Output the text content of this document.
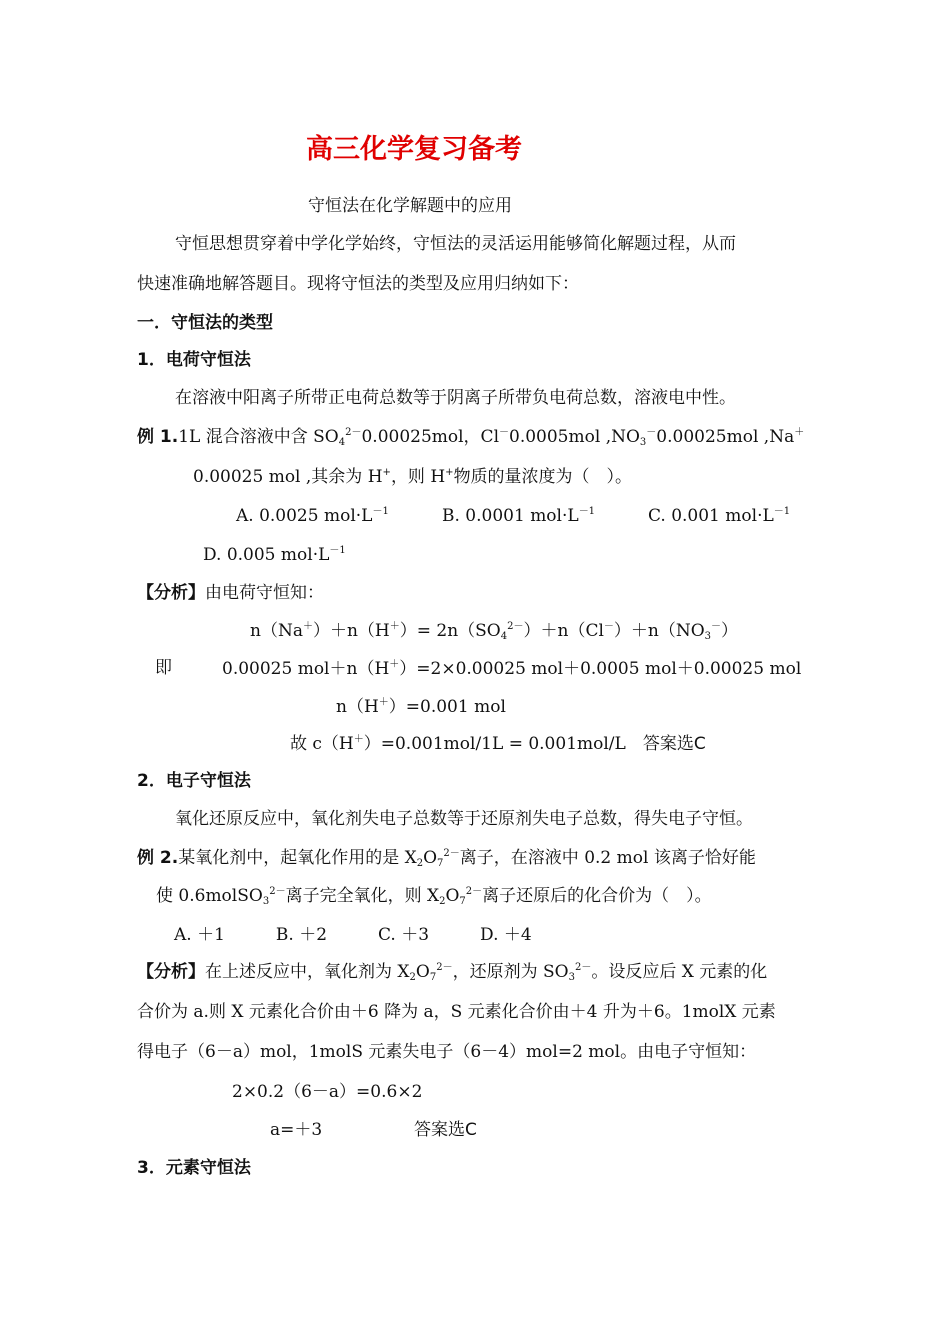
高三化学复习备考
守恒法在化学解题中的应用
守恒思想贯穿着中学化学始终，守恒法的灵活运用能够简化解题过程，从而
快速准确地解答题目。现将守恒法的类型及应用归纳如下：
一．守恒法的类型
1．电荷守恒法
在溶液中阳离子所带正电荷总数等于阴离子所带负电荷总数，溶液电中性。
例 1.1L 混合溶液中含 $SO_4^{2-}0.00025mol$，Cl－0.0005mol $,NO_3^-0.00025mol$ ,Na＋
0.00025 mol ,其余为 H+，则 H+物质的量浓度为（　）。
A. 0.0025 $mol\cdot L^{-1}$	B. 0.0001 $mol\cdot L^{-1}$	C. 0.001 $mol\cdot L^{-1}$
D. 0.005 $mol\cdot L^{-1}$
【分析】由电荷守恒知：
$n(Na^+)+n(H^+)= 2n(SO_4^{2-})+n(Cl^-)+n(NO_3^-)$
即	0.00025 mol＋n（H＋）=2×0.00025 mol＋0.0005 mol＋0.00025 mol
n（H＋）=0.001 mol
故 c（H＋）=0.001mol/1L = 0.001mol/L　答案选C
2．电子守恒法
氧化还原反应中，氧化剂失电子总数等于还原剂失电子总数，得失电子守恒。
例 2.某氧化剂中，起氧化作用的是 $X_2O_7^{2-}$离子，在溶液中 0.2 mol 该离子恰好能
使 0.6molSO$_3^{2-}$离子完全氧化，则 $X_2O_7^{2-}$离子还原后的化合价为（　）。
A. ＋1　　　B. ＋2　　　C. ＋3　　　D. ＋4
【分析】在上述反应中，氧化剂为 $X_2O_7^{2-}$，还原剂为 $SO_3^{2-}$。设反应后 X 元素的化
合价为 a.则 X 元素化合价由＋6 降为 a，S 元素化合价由＋4 升为＋6。1molX 元素
得电子（6－a）mol，1molS 元素失电子（6－4）mol=2 mol。由电子守恒知：
2×0.2（6－a）=0.6×2
a=＋3	答案选C
3．元素守恒法
